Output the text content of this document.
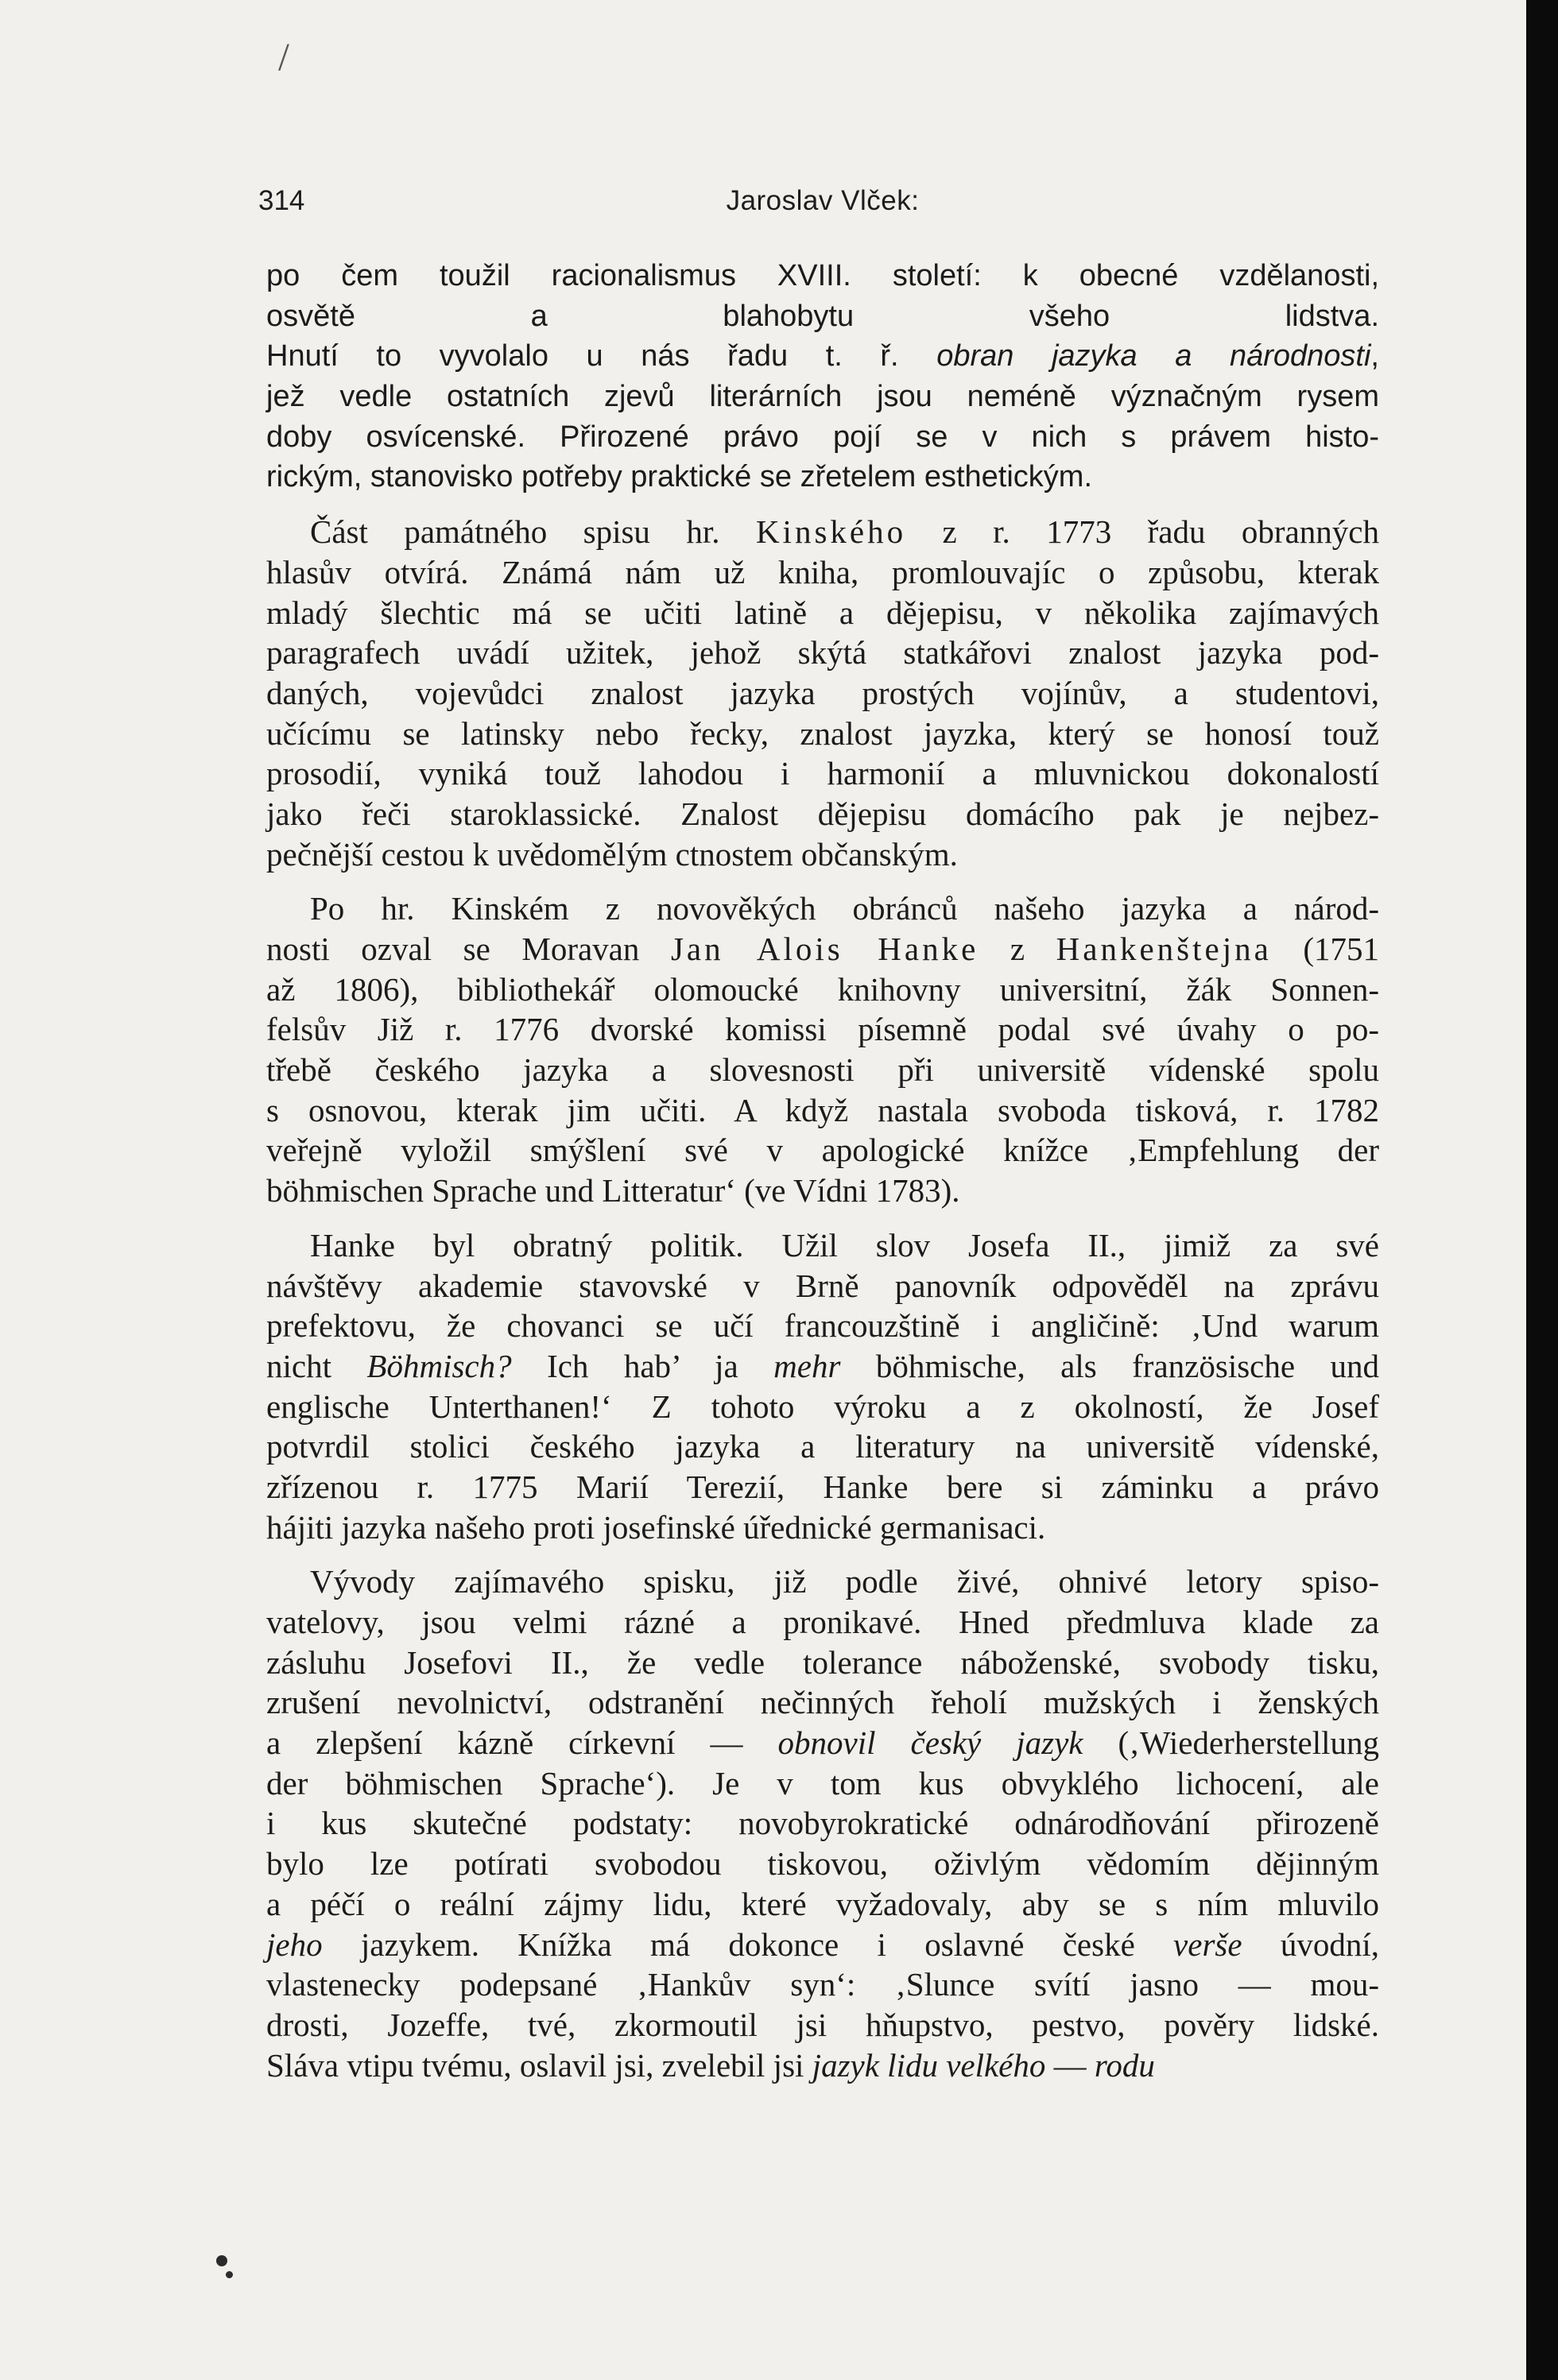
/
314	Jaroslav Vlček:
po čem toužil racionalismus XVIII. století: k obecné vzdělanosti,
osvětě a blahobytu všeho lidstva.
Hnutí to vyvolalo u nás řadu t. ř. obran jazyka a národnosti,
jež vedle ostatních zjevů literárních jsou neméně význačným rysem
doby osvícenské. Přirozené právo pojí se v nich s právem histo-
rickým, stanovisko potřeby praktické se zřetelem esthetickým.
Část památného spisu hr. Kinského z r. 1773 řadu obranných
hlasův otvírá. Známá nám už kniha, promlouvajíc o způsobu, kterak
mladý šlechtic má se učiti latině a dějepisu, v několika zajímavých
paragrafech uvádí užitek, jehož skýtá statkářovi znalost jazyka pod-
daných, vojevůdci znalost jazyka prostých vojínův, a studentovi,
učícímu se latinsky nebo řecky, znalost jayzka, který se honosí touž
prosodií, vyniká touž lahodou i harmonií a mluvnickou dokonalostí
jako řeči staroklassické. Znalost dějepisu domácího pak je nejbez-
pečnější cestou k uvědomělým ctnostem občanským.
Po hr. Kinském z novověkých obránců našeho jazyka a národ-
nosti ozval se Moravan Jan Alois Hanke z Hankenštejna (1751
až 1806), bibliothekář olomoucké knihovny universitní, žák Sonnen-
felsův Již r. 1776 dvorské komissi písemně podal své úvahy o po-
třebě českého jazyka a slovesnosti při universitě vídenské spolu
s osnovou, kterak jim učiti. A když nastala svoboda tisková, r. 1782
veřejně vyložil smýšlení své v apologické knížce ‚Empfehlung der
böhmischen Sprache und Litteratur‘ (ve Vídni 1783).
Hanke byl obratný politik. Užil slov Josefa II., jimiž za své
návštěvy akademie stavovské v Brně panovník odpověděl na zprávu
prefektovu, že chovanci se učí francouzštině i angličině: ‚Und warum
nicht Böhmisch? Ich hab’ ja mehr böhmische, als französische und
englische Unterthanen!‘ Z tohoto výroku a z okolností, že Josef
potvrdil stolici českého jazyka a literatury na universitě vídenské,
zřízenou r. 1775 Marií Terezií, Hanke bere si záminku a právo
hájiti jazyka našeho proti josefinské úřednické germanisaci.
Vývody zajímavého spisku, již podle živé, ohnivé letory spiso-
vatelovy, jsou velmi rázné a pronikavé. Hned předmluva klade za
zásluhu Josefovi II., že vedle tolerance náboženské, svobody tisku,
zrušení nevolnictví, odstranění nečinných řeholí mužských i ženských
a zlepšení kázně církevní — obnovil český jazyk (‚Wiederherstellung
der böhmischen Sprache‘). Je v tom kus obvyklého lichocení, ale
i kus skutečné podstaty: novobyrokratické odnárodňování přirozeně
bylo lze potírati svobodou tiskovou, oživlým vědomím dějinným
a péčí o reální zájmy lidu, které vyžadovaly, aby se s ním mluvilo
jeho jazykem. Knížka má dokonce i oslavné české verše úvodní,
vlastenecky podepsané ‚Hankův syn‘: ‚Slunce svítí jasno — mou-
drosti, Jozeffe, tvé, zkormoutil jsi hňupstvo, pestvo, pověry lidské.
Sláva vtipu tvému, oslavil jsi, zvelebil jsi jazyk lidu velkého — rodu
